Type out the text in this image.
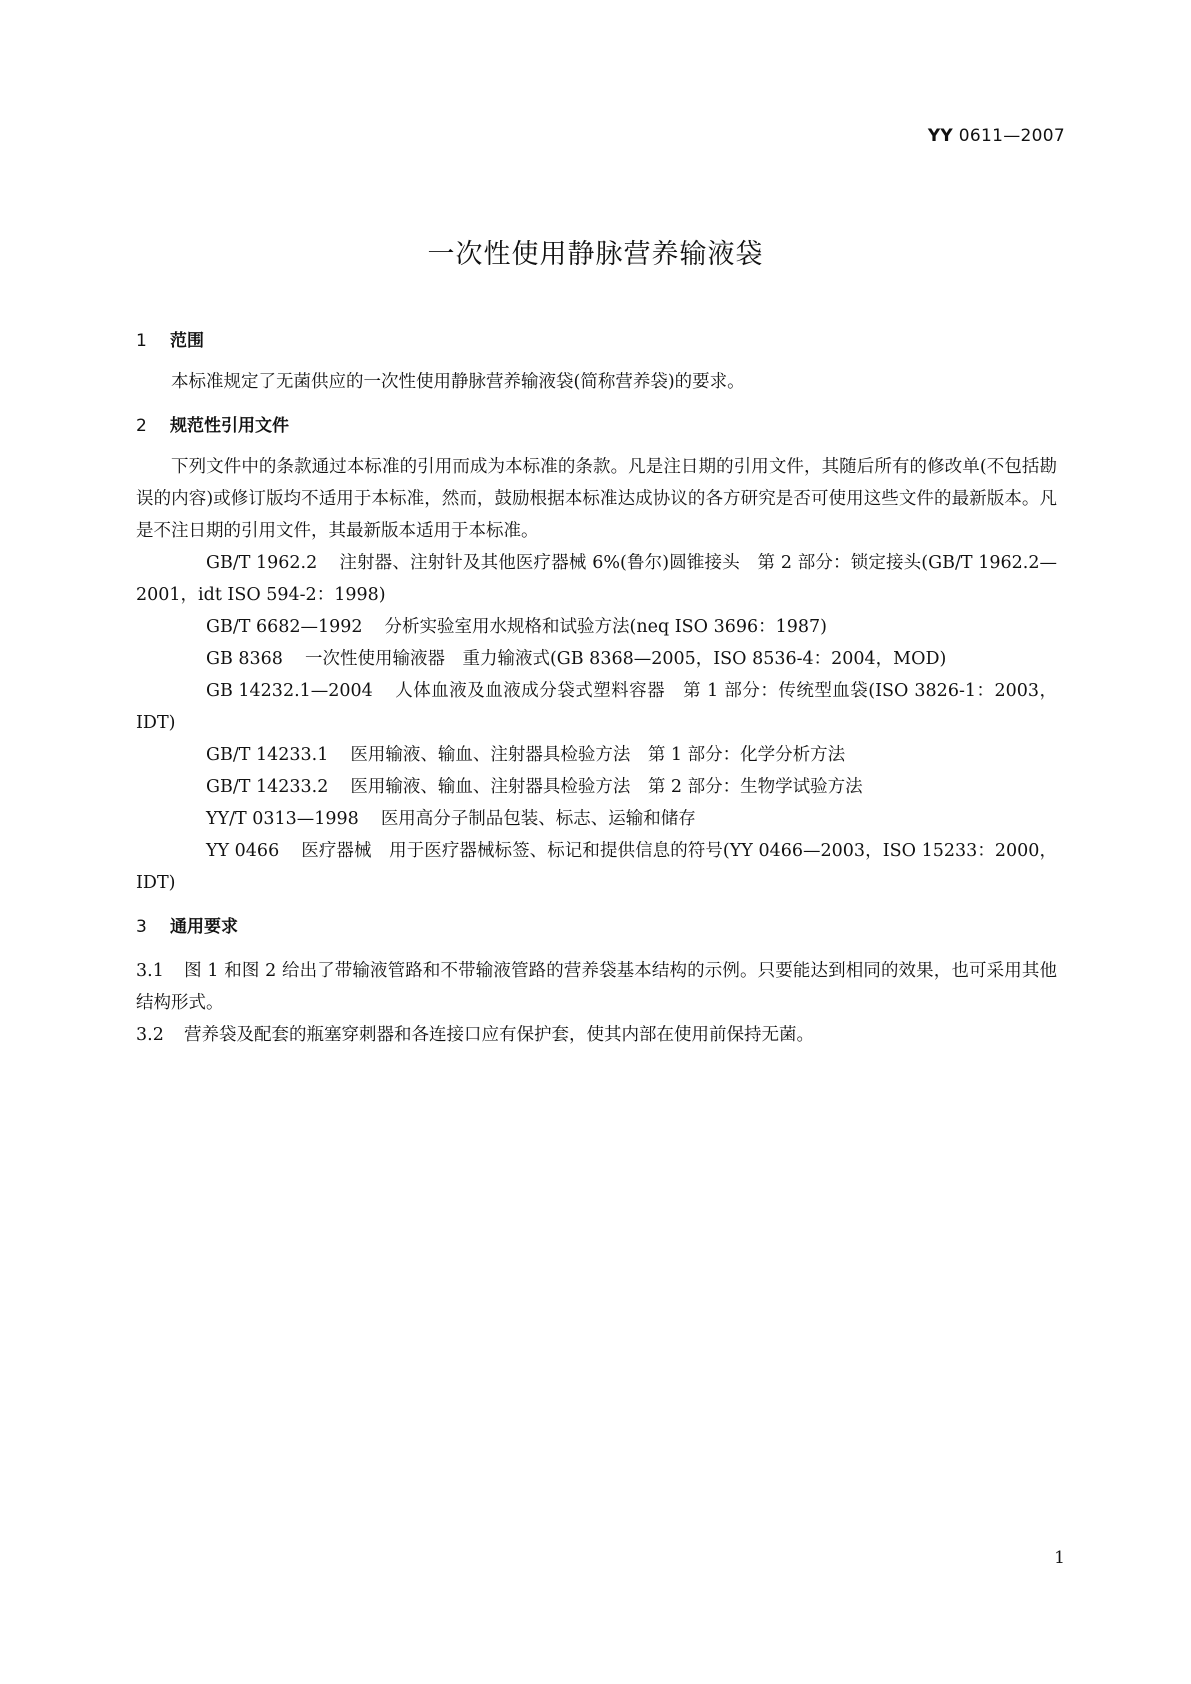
YY 0611—2007
一次性使用静脉营养输液袋

1 范围

本标准规定了无菌供应的一次性使用静脉营养输液袋(简称营养袋)的要求。

2 规范性引用文件

下列文件中的条款通过本标准的引用而成为本标准的条款。凡是注日期的引用文件，其随后所有的修改单(不包括勘误的内容)或修订版均不适用于本标准，然而，鼓励根据本标准达成协议的各方研究是否可使用这些文件的最新版本。凡是不注日期的引用文件，其最新版本适用于本标准。

GB/T 1962.2 注射器、注射针及其他医疗器械 6%(鲁尔)圆锥接头　第 2 部分：锁定接头(GB/T 1962.2—2001，idt ISO 594-2：1998)

GB/T 6682—1992 分析实验室用水规格和试验方法(neq ISO 3696：1987)

GB 8368 一次性使用输液器　重力输液式(GB 8368—2005，ISO 8536-4：2004，MOD)

GB 14232.1—2004 人体血液及血液成分袋式塑料容器　第 1 部分：传统型血袋(ISO 3826-1：2003，IDT)

GB/T 14233.1 医用输液、输血、注射器具检验方法　第 1 部分：化学分析方法

GB/T 14233.2 医用输液、输血、注射器具检验方法　第 2 部分：生物学试验方法

YY/T 0313—1998 医用高分子制品包装、标志、运输和储存

YY 0466 医疗器械　用于医疗器械标签、标记和提供信息的符号(YY 0466—2003，ISO 15233：2000，IDT)

3 通用要求

3.1 图 1 和图 2 给出了带输液管路和不带输液管路的营养袋基本结构的示例。只要能达到相同的效果，也可采用其他结构形式。

3.2 营养袋及配套的瓶塞穿刺器和各连接口应有保护套，使其内部在使用前保持无菌。

1
